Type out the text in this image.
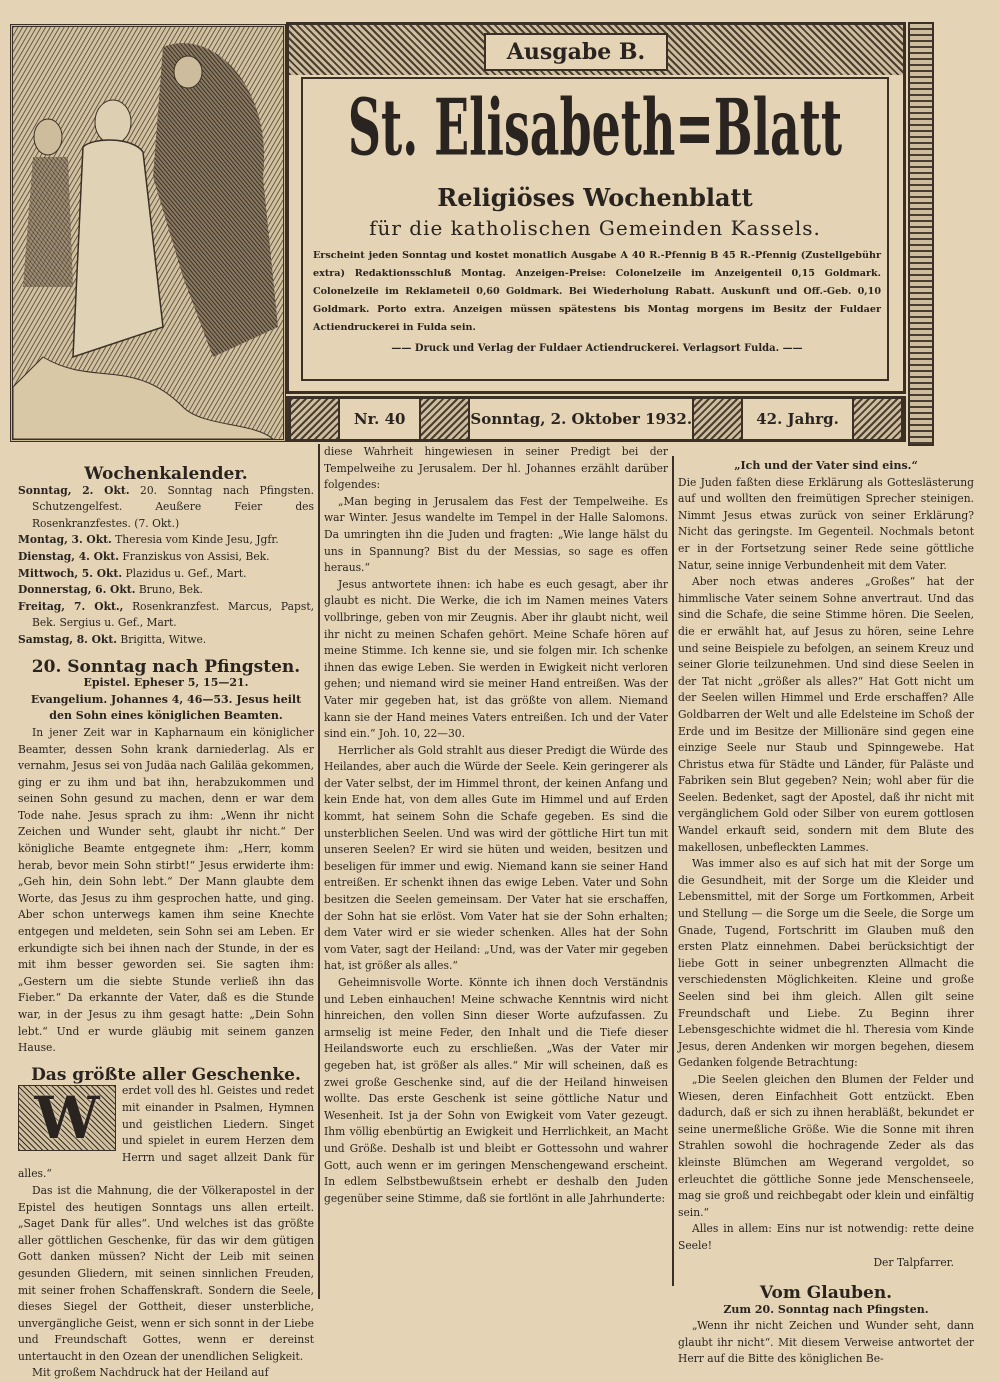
Ausgabe B.
St. Elisabeth=Blatt
Religiöses Wochenblatt
für die katholischen Gemeinden Kassels.
Erscheint jeden Sonntag und kostet monatlich Ausgabe A 40 R.-Pfennig B 45 R.-Pfennig (Zustellgebühr extra) Redaktionsschluß Montag. Anzeigen-Preise: Colonelzeile im Anzeigenteil 0,15 Goldmark. Colonelzeile im Reklameteil 0,60 Goldmark. Bei Wiederholung Rabatt. Auskunft und Off.-Geb. 0,10 Goldmark. Porto extra. Anzeigen müssen spätestens bis Montag morgens im Besitz der Fuldaer Actiendruckerei in Fulda sein.
—— Druck und Verlag der Fuldaer Actiendruckerei. Verlagsort Fulda. ——
Nr. 40	Sonntag, 2. Oktober 1932.	42. Jahrg.
Wochenkalender.
Sonntag, 2. Okt. 20. Sonntag nach Pfingsten. Schutzengelfest. Aeußere Feier des Rosenkranzfestes. (7. Okt.)
Montag, 3. Okt. Theresia vom Kinde Jesu, Jgfr.
Dienstag, 4. Okt. Franziskus von Assisi, Bek.
Mittwoch, 5. Okt. Plazidus u. Gef., Mart.
Donnerstag, 6. Okt. Bruno, Bek.
Freitag, 7. Okt., Rosenkranzfest. Marcus, Papst, Bek. Sergius u. Gef., Mart.
Samstag, 8. Okt. Brigitta, Witwe.
20. Sonntag nach Pfingsten.
Epistel. Epheser 5, 15—21.
Evangelium. Johannes 4, 46—53. Jesus heilt den Sohn eines königlichen Beamten.

In jener Zeit war in Kapharnaum ein königlicher Beamter, dessen Sohn krank darniederlag. Als er vernahm, Jesus sei von Judäa nach Galiläa gekommen, ging er zu ihm und bat ihn, herabzukommen und seinen Sohn gesund zu machen, denn er war dem Tode nahe. Jesus sprach zu ihm: „Wenn ihr nicht Zeichen und Wunder seht, glaubt ihr nicht.“ Der königliche Beamte entgegnete ihm: „Herr, komm herab, bevor mein Sohn stirbt!“ Jesus erwiderte ihm: „Geh hin, dein Sohn lebt.“ Der Mann glaubte dem Worte, das Jesus zu ihm gesprochen hatte, und ging. Aber schon unterwegs kamen ihm seine Knechte entgegen und meldeten, sein Sohn sei am Leben. Er erkundigte sich bei ihnen nach der Stunde, in der es mit ihm besser geworden sei. Sie sagten ihm: „Gestern um die siebte Stunde verließ ihn das Fieber.“ Da erkannte der Vater, daß es die Stunde war, in der Jesus zu ihm gesagt hatte: „Dein Sohn lebt.“ Und er wurde gläubig mit seinem ganzen Hause.

Das größte aller Geschenke.

W	erdet voll des hl. Geistes und redet mit einander in Psalmen, Hymnen und geistlichen Liedern. Singet und spielet in eurem Herzen dem Herrn und saget allzeit Dank für alles.“

Das ist die Mahnung, die der Völkerapostel in der Epistel des heutigen Sonntags uns allen erteilt. „Saget Dank für alles“. Und welches ist das größte aller göttlichen Geschenke, für das wir dem gütigen Gott danken müssen? Nicht der Leib mit seinen gesunden Gliedern, mit seinen sinnlichen Freuden, mit seiner frohen Schaffenskraft. Sondern die Seele, dieses Siegel der Gottheit, dieser unsterbliche, unvergängliche Geist, wenn er sich sonnt in der Liebe und Freundschaft Gottes, wenn er dereinst untertaucht in den Ozean der unendlichen Seligkeit.

Mit großem Nachdruck hat der Heiland auf

diese Wahrheit hingewiesen in seiner Predigt bei der Tempelweihe zu Jerusalem. Der hl. Johannes erzählt darüber folgendes:

„Man beging in Jerusalem das Fest der Tempelweihe. Es war Winter. Jesus wandelte im Tempel in der Halle Salomons. Da umringten ihn die Juden und fragten: „Wie lange hälst du uns in Spannung? Bist du der Messias, so sage es offen heraus.“

Jesus antwortete ihnen: ich habe es euch gesagt, aber ihr glaubt es nicht. Die Werke, die ich im Namen meines Vaters vollbringe, geben von mir Zeugnis. Aber ihr glaubt nicht, weil ihr nicht zu meinen Schafen gehört. Meine Schafe hören auf meine Stimme. Ich kenne sie, und sie folgen mir. Ich schenke ihnen das ewige Leben. Sie werden in Ewigkeit nicht verloren gehen; und niemand wird sie meiner Hand entreißen. Was der Vater mir gegeben hat, ist das größte von allem. Niemand kann sie der Hand meines Vaters entreißen. Ich und der Vater sind ein.“ Joh. 10, 22—30.

Herrlicher als Gold strahlt aus dieser Predigt die Würde des Heilandes, aber auch die Würde der Seele. Kein geringerer als der Vater selbst, der im Himmel thront, der keinen Anfang und kein Ende hat, von dem alles Gute im Himmel und auf Erden kommt, hat seinem Sohn die Schafe gegeben. Es sind die unsterblichen Seelen. Und was wird der göttliche Hirt tun mit unseren Seelen? Er wird sie hüten und weiden, besitzen und beseligen für immer und ewig. Niemand kann sie seiner Hand entreißen. Er schenkt ihnen das ewige Leben. Vater und Sohn besitzen die Seelen gemeinsam. Der Vater hat sie erschaffen, der Sohn hat sie erlöst. Vom Vater hat sie der Sohn erhalten; dem Vater wird er sie wieder schenken. Alles hat der Sohn vom Vater, sagt der Heiland: „Und, was der Vater mir gegeben hat, ist größer als alles.“

Geheimnisvolle Worte. Könnte ich ihnen doch Verständnis und Leben einhauchen! Meine schwache Kenntnis wird nicht hinreichen, den vollen Sinn dieser Worte aufzufassen. Zu armselig ist meine Feder, den Inhalt und die Tiefe dieser Heilandsworte euch zu erschließen. „Was der Vater mir gegeben hat, ist größer als alles.“ Mir will scheinen, daß es zwei große Geschenke sind, auf die der Heiland hinweisen wollte. Das erste Geschenk ist seine göttliche Natur und Wesenheit. Ist ja der Sohn von Ewigkeit vom Vater gezeugt. Ihm völlig ebenbürtig an Ewigkeit und Herrlichkeit, an Macht und Größe. Deshalb ist und bleibt er Gottessohn und wahrer Gott, auch wenn er im geringen Menschengewand erscheint. In edlem Selbstbewußtsein erhebt er deshalb den Juden gegenüber seine Stimme, daß sie fortlönt in alle Jahrhunderte:

„Ich und der Vater sind eins.“

Die Juden faßten diese Erklärung als Gotteslästerung auf und wollten den freimütigen Sprecher steinigen. Nimmt Jesus etwas zurück von seiner Erklärung? Nicht das geringste. Im Gegenteil. Nochmals betont er in der Fortsetzung seiner Rede seine göttliche Natur, seine innige Verbundenheit mit dem Vater.

Aber noch etwas anderes „Großes“ hat der himmlische Vater seinem Sohne anvertraut. Und das sind die Schafe, die seine Stimme hören. Die Seelen, die er erwählt hat, auf Jesus zu hören, seine Lehre und seine Beispiele zu befolgen, an seinem Kreuz und seiner Glorie teilzunehmen. Und sind diese Seelen in der Tat nicht „größer als alles?“ Hat Gott nicht um der Seelen willen Himmel und Erde erschaffen? Alle Goldbarren der Welt und alle Edelsteine im Schoß der Erde und im Besitze der Millionäre sind gegen eine einzige Seele nur Staub und Spinngewebe. Hat Christus etwa für Städte und Länder, für Paläste und Fabriken sein Blut gegeben? Nein; wohl aber für die Seelen. Bedenket, sagt der Apostel, daß ihr nicht mit vergänglichem Gold oder Silber von eurem gottlosen Wandel erkauft seid, sondern mit dem Blute des makellosen, unbefleckten Lammes.

Was immer also es auf sich hat mit der Sorge um die Gesundheit, mit der Sorge um die Kleider und Lebensmittel, mit der Sorge um Fortkommen, Arbeit und Stellung — die Sorge um die Seele, die Sorge um Gnade, Tugend, Fortschritt im Glauben muß den ersten Platz einnehmen. Dabei berücksichtigt der liebe Gott in seiner unbegrenzten Allmacht die verschiedensten Möglichkeiten. Kleine und große Seelen sind bei ihm gleich. Allen gilt seine Freundschaft und Liebe. Zu Beginn ihrer Lebensgeschichte widmet die hl. Theresia vom Kinde Jesus, deren Andenken wir morgen begehen, diesem Gedanken folgende Betrachtung:

„Die Seelen gleichen den Blumen der Felder und Wiesen, deren Einfachheit Gott entzückt. Eben dadurch, daß er sich zu ihnen herabläßt, bekundet er seine unermeßliche Größe. Wie die Sonne mit ihren Strahlen sowohl die hochragende Zeder als das kleinste Blümchen am Wegerand vergoldet, so erleuchtet die göttliche Sonne jede Menschenseele, mag sie groß und reichbegabt oder klein und einfältig sein.“

Alles in allem: Eins nur ist notwendig: rette deine Seele!

Der Talpfarrer.
Vom Glauben.
Zum 20. Sonntag nach Pfingsten.

„Wenn ihr nicht Zeichen und Wunder seht, dann glaubt ihr nicht“. Mit diesem Verweise antwortet der Herr auf die Bitte des königlichen Be-
